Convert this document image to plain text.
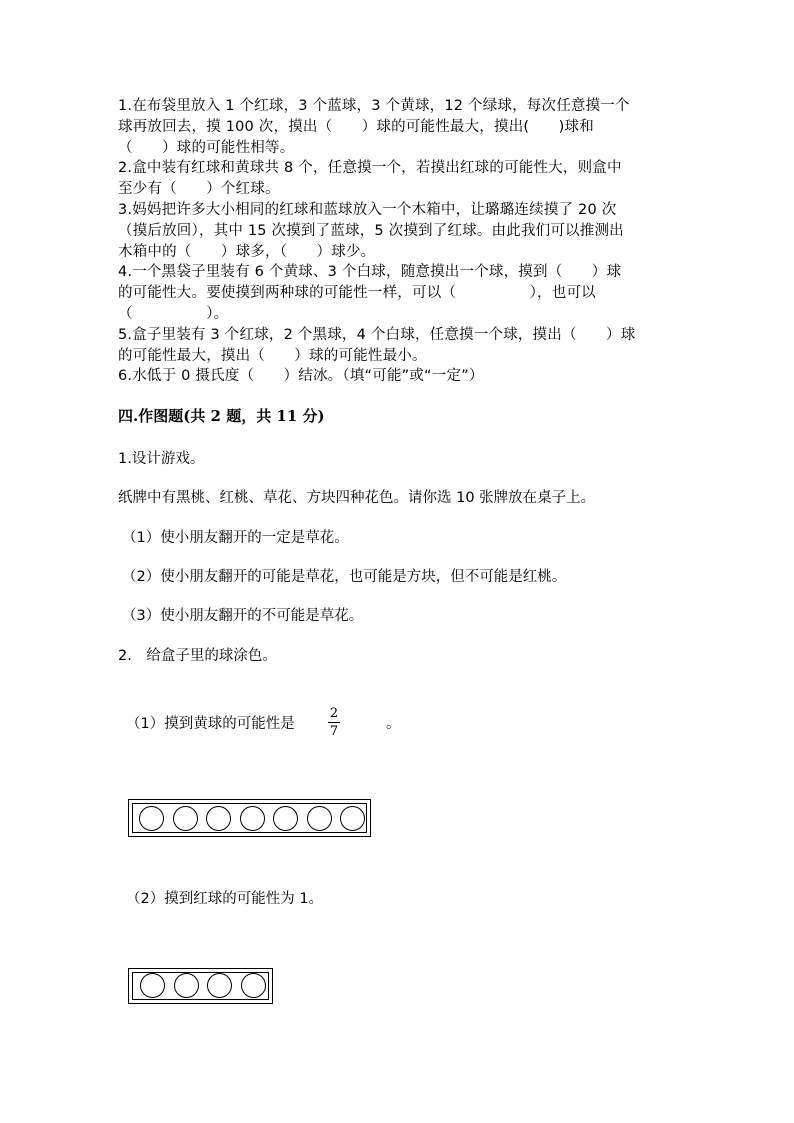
1.在布袋里放入 1 个红球，3 个蓝球，3 个黄球，12 个绿球，每次任意摸一个
球再放回去，摸 100 次，摸出（　　）球的可能性最大，摸出(　　)球和
（　　）球的可能性相等。
2.盒中装有红球和黄球共 8 个，任意摸一个，若摸出红球的可能性大，则盒中
至少有（　　）个红球。
3.妈妈把许多大小相同的红球和蓝球放入一个木箱中，让璐璐连续摸了 20 次
（摸后放回），其中 15 次摸到了蓝球，5 次摸到了红球。由此我们可以推测出
木箱中的（　　）球多，（　　）球少。
4.一个黑袋子里装有 6 个黄球、3 个白球，随意摸出一个球，摸到（　　）球
的可能性大。要使摸到两种球的可能性一样，可以（　　　　　），也可以
（　　　　　）。
5.盒子里装有 3 个红球，2 个黑球，4 个白球，任意摸一个球，摸出（　　）球
的可能性最大，摸出（　　）球的可能性最小。
6.水低于 0 摄氏度（　　）结冰。（填“可能”或“一定”）
四.作图题(共 2 题，共 11 分)
1.设计游戏。
纸牌中有黑桃、红桃、草花、方块四种花色。请你选 10 张牌放在桌子上。
（1）使小朋友翻开的一定是草花。
（2）使小朋友翻开的可能是草花，也可能是方块，但不可能是红桃。
（3）使小朋友翻开的不可能是草花。
2.　给盒子里的球涂色。
（1）摸到黄球的可能性是
2
7	。
（2）摸到红球的可能性为 1。
